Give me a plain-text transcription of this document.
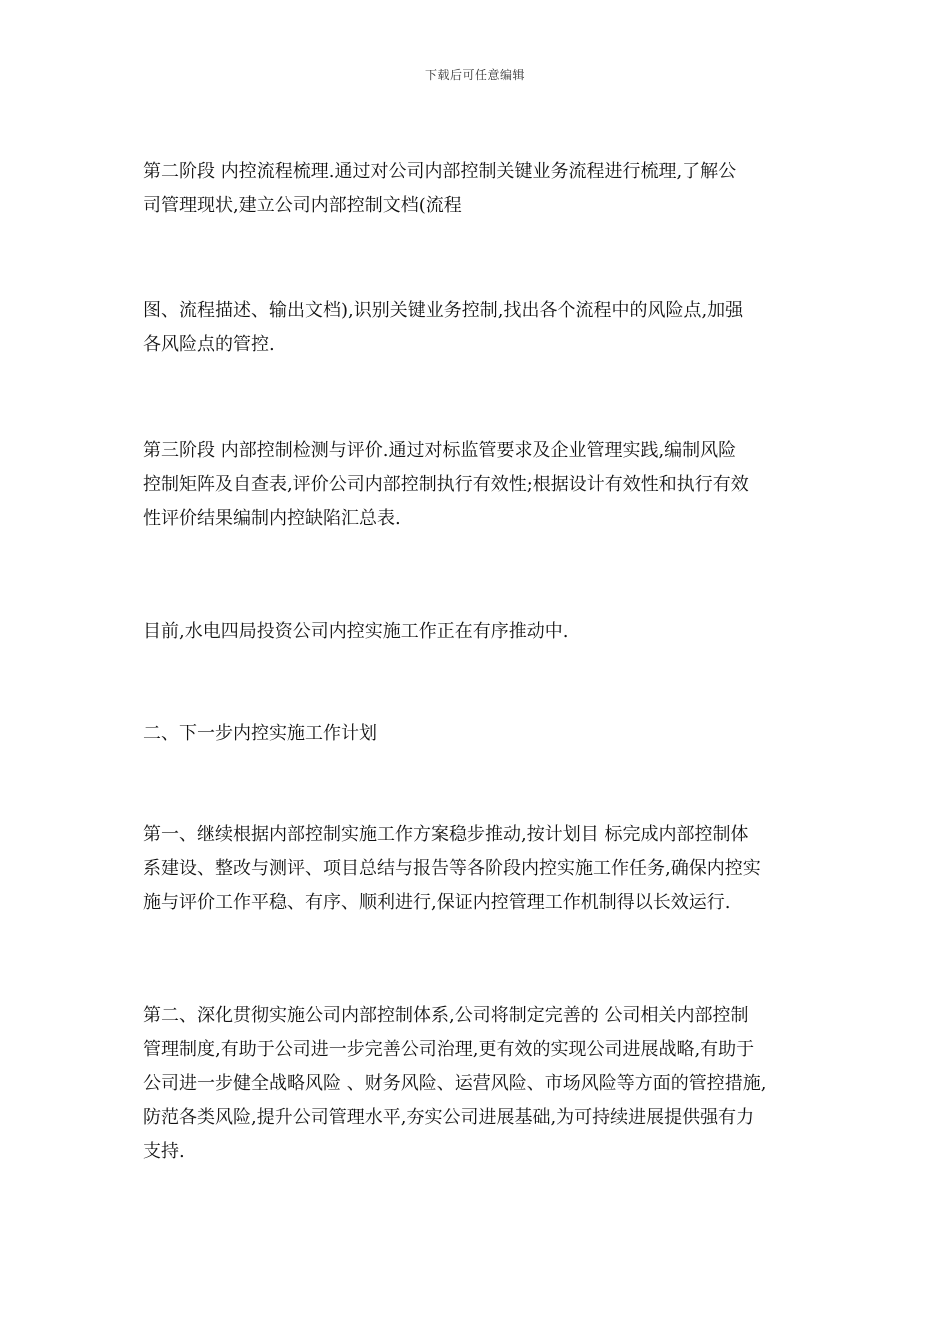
下载后可任意编辑
第二阶段 内控流程梳理.通过对公司内部控制关键业务流程进行梳理,了解公
司管理现状,建立公司内部控制文档(流程
图、流程描述、输出文档),识别关键业务控制,找出各个流程中的风险点,加强
各风险点的管控.
第三阶段 内部控制检测与评价.通过对标监管要求及企业管理实践,编制风险
控制矩阵及自查表,评价公司内部控制执行有效性;根据设计有效性和执行有效
性评价结果编制内控缺陷汇总表.
目前,水电四局投资公司内控实施工作正在有序推动中.
二、下一步内控实施工作计划
第一、继续根据内部控制实施工作方案稳步推动,按计划目 标完成内部控制体
系建设、整改与测评、项目总结与报告等各阶段内控实施工作任务,确保内控实
施与评价工作平稳、有序、顺利进行,保证内控管理工作机制得以长效运行.
第二、深化贯彻实施公司内部控制体系,公司将制定完善的 公司相关内部控制
管理制度,有助于公司进一步完善公司治理,更有效的实现公司进展战略,有助于
公司进一步健全战略风险 、财务风险、运营风险、市场风险等方面的管控措施,
防范各类风险,提升公司管理水平,夯实公司进展基础,为可持续进展提供强有力
支持.
